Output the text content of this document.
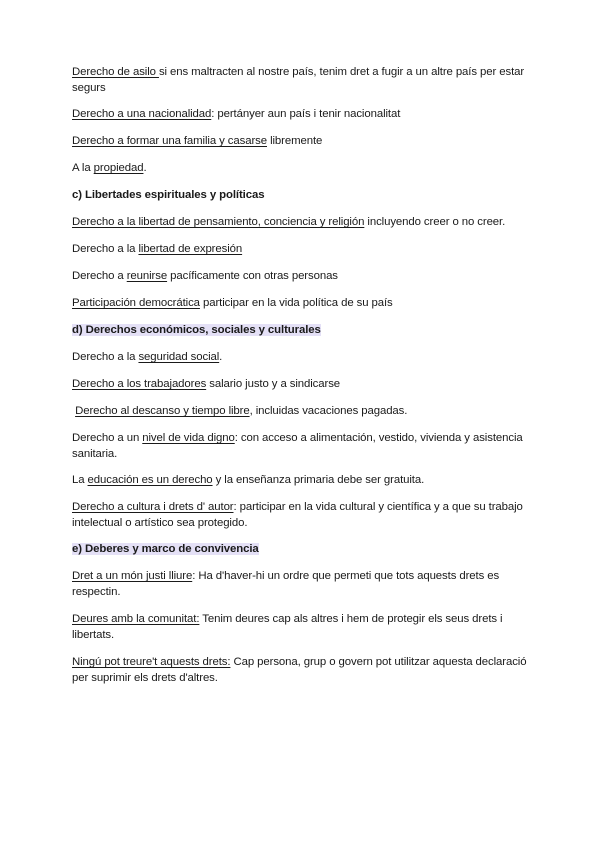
Derecho de asilo si ens maltracten al nostre país, tenim dret a fugir a un altre país per estar segurs

Derecho a una nacionalidad: pertányer aun país i tenir nacionalitat

Derecho a formar una familia y casarse libremente

A la propiedad.

c) Libertades espirituales y políticas

Derecho a la libertad de pensamiento, conciencia y religión incluyendo creer o no creer.

Derecho a la libertad de expresión

Derecho a reunirse pacíficamente con otras personas

Participación democrática participar en la vida política de su país

d) Derechos económicos, sociales y culturales

Derecho a la seguridad social.

Derecho a los trabajadores salario justo y a sindicarse

Derecho al descanso y tiempo libre, incluidas vacaciones pagadas.

Derecho a un nivel de vida digno: con acceso a alimentación, vestido, vivienda y asistencia sanitaria.

La educación es un derecho y la enseñanza primaria debe ser gratuita.

Derecho a cultura i drets d' autor: participar en la vida cultural y científica y a que su trabajo intelectual o artístico sea protegido.

e) Deberes y marco de convivencia

Dret a un món justi lliure: Ha d'haver-hi un ordre que permeti que tots aquests drets es respectin.

Deures amb la comunitat: Tenim deures cap als altres i hem de protegir els seus drets i libertats.

Ningú pot treure't aquests drets: Cap persona, grup o govern pot utilitzar aquesta declaració per suprimir els drets d'altres.
